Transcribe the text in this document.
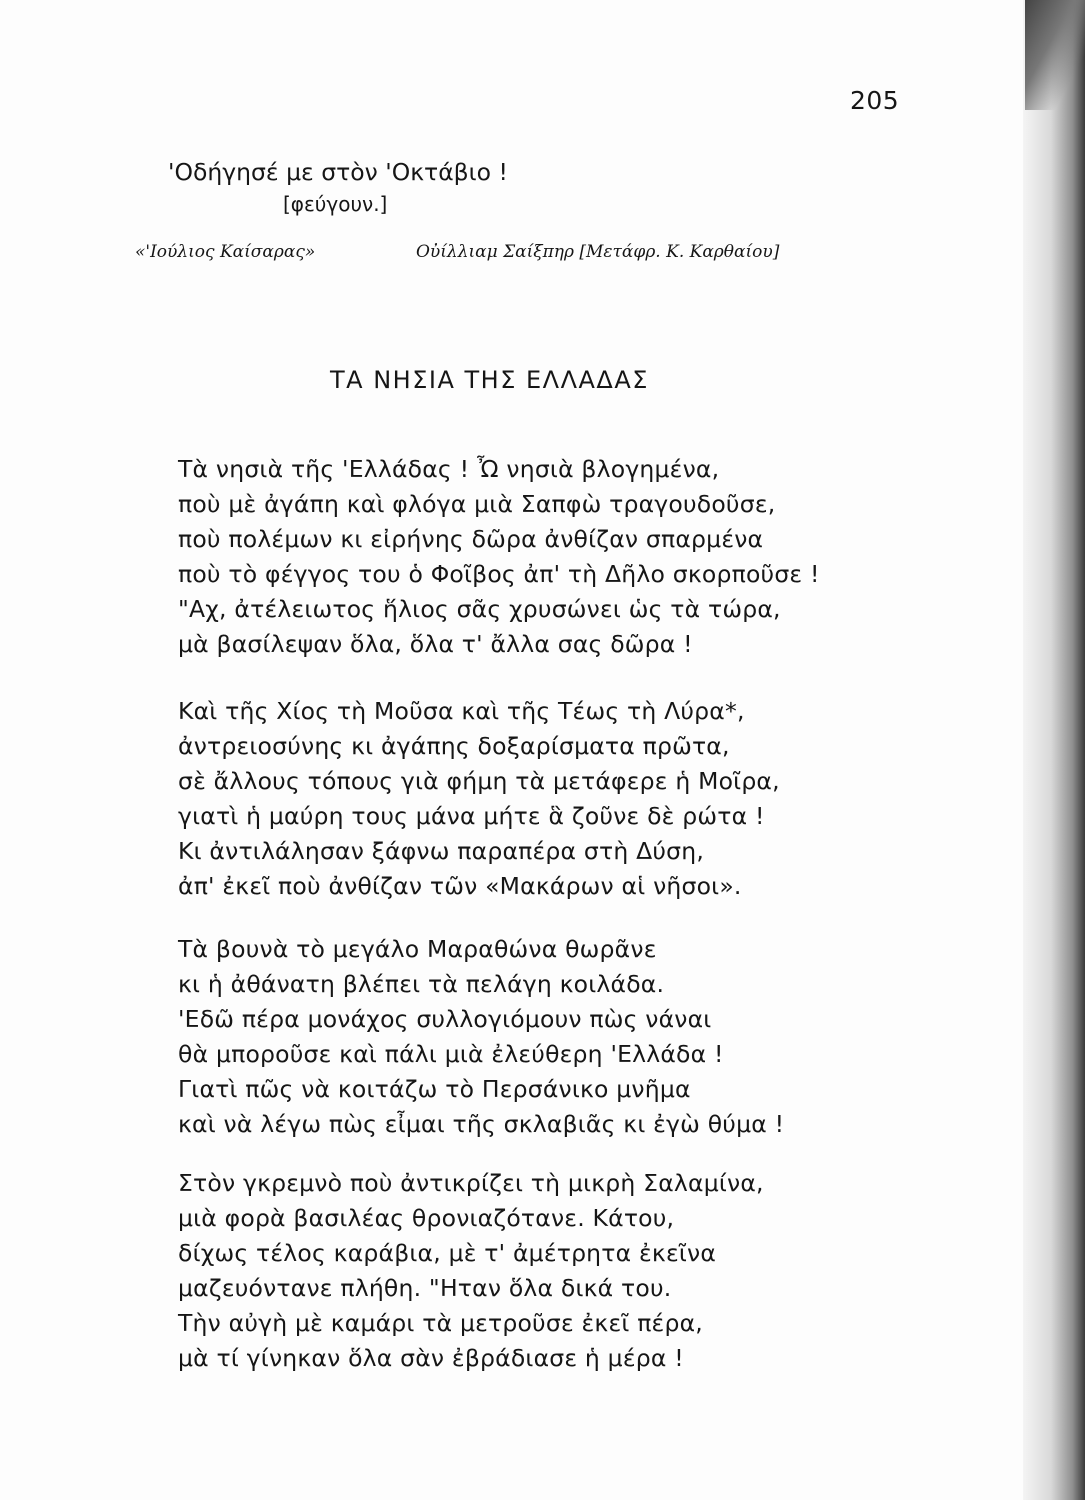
205
'Οδήγησέ με στὸν 'Οκτάβιο !
[φεύγουν.]
«'Ιούλιος Καίσαρας»	Οὐίλλιαμ Σαίξπηρ [Μετάφρ. Κ. Καρθαίου]
ΤΑ ΝΗΣΙΑ ΤΗΣ ΕΛΛΑΔΑΣ
Τὰ νησιὰ τῆς 'Ελλάδας ! Ὦ νησιὰ βλογημένα,
ποὺ μὲ ἀγάπη καὶ φλόγα μιὰ Σαπφὼ τραγουδοῦσε,
ποὺ πολέμων κι εἰρήνης δῶρα ἀνθίζαν σπαρμένα
ποὺ τὸ φέγγος του ὁ Φοῖβος ἀπ' τὴ Δῆλο σκορποῦσε !
"Αχ, ἀτέλειωτος ἥλιος σᾶς χρυσώνει ὡς τὰ τώρα,
μὰ βασίλεψαν ὅλα, ὅλα τ' ἄλλα σας δῶρα !
Καὶ τῆς Χίος τὴ Μοῦσα καὶ τῆς Τέως τὴ Λύρα*,
ἀντρειοσύνης κι ἀγάπης δοξαρίσματα πρῶτα,
σὲ ἄλλους τόπους γιὰ φήμη τὰ μετάφερε ἡ Μοῖρα,
γιατὶ ἡ μαύρη τους μάνα μήτε ἃ ζοῦνε δὲ ρώτα !
Κι ἀντιλάλησαν ξάφνω παραπέρα στὴ Δύση,
ἀπ' ἐκεῖ ποὺ ἀνθίζαν τῶν «Μακάρων αἱ νῆσοι».
Τὰ βουνὰ τὸ μεγάλο Μαραθώνα θωρᾶνε
κι ἡ ἀθάνατη βλέπει τὰ πελάγη κοιλάδα.
'Εδῶ πέρα μονάχος συλλογιόμουν πὼς νάναι
θὰ μποροῦσε καὶ πάλι μιὰ ἐλεύθερη 'Ελλάδα !
Γιατὶ πῶς νὰ κοιτάζω τὸ Περσάνικο μνῆμα
καὶ νὰ λέγω πὼς εἶμαι τῆς σκλαβιᾶς κι ἐγὼ θύμα !
Στὸν γκρεμνὸ ποὺ ἀντικρίζει τὴ μικρὴ Σαλαμίνα,
μιὰ φορὰ βασιλέας θρονιαζότανε. Κάτου,
δίχως τέλος καράβια, μὲ τ' ἀμέτρητα ἐκεῖνα
μαζευόντανε πλήθη. "Ηταν ὅλα δικά του.
Τὴν αὐγὴ μὲ καμάρι τὰ μετροῦσε ἐκεῖ πέρα,
μὰ τί γίνηκαν ὅλα σὰν ἐβράδιασε ἡ μέρα !
